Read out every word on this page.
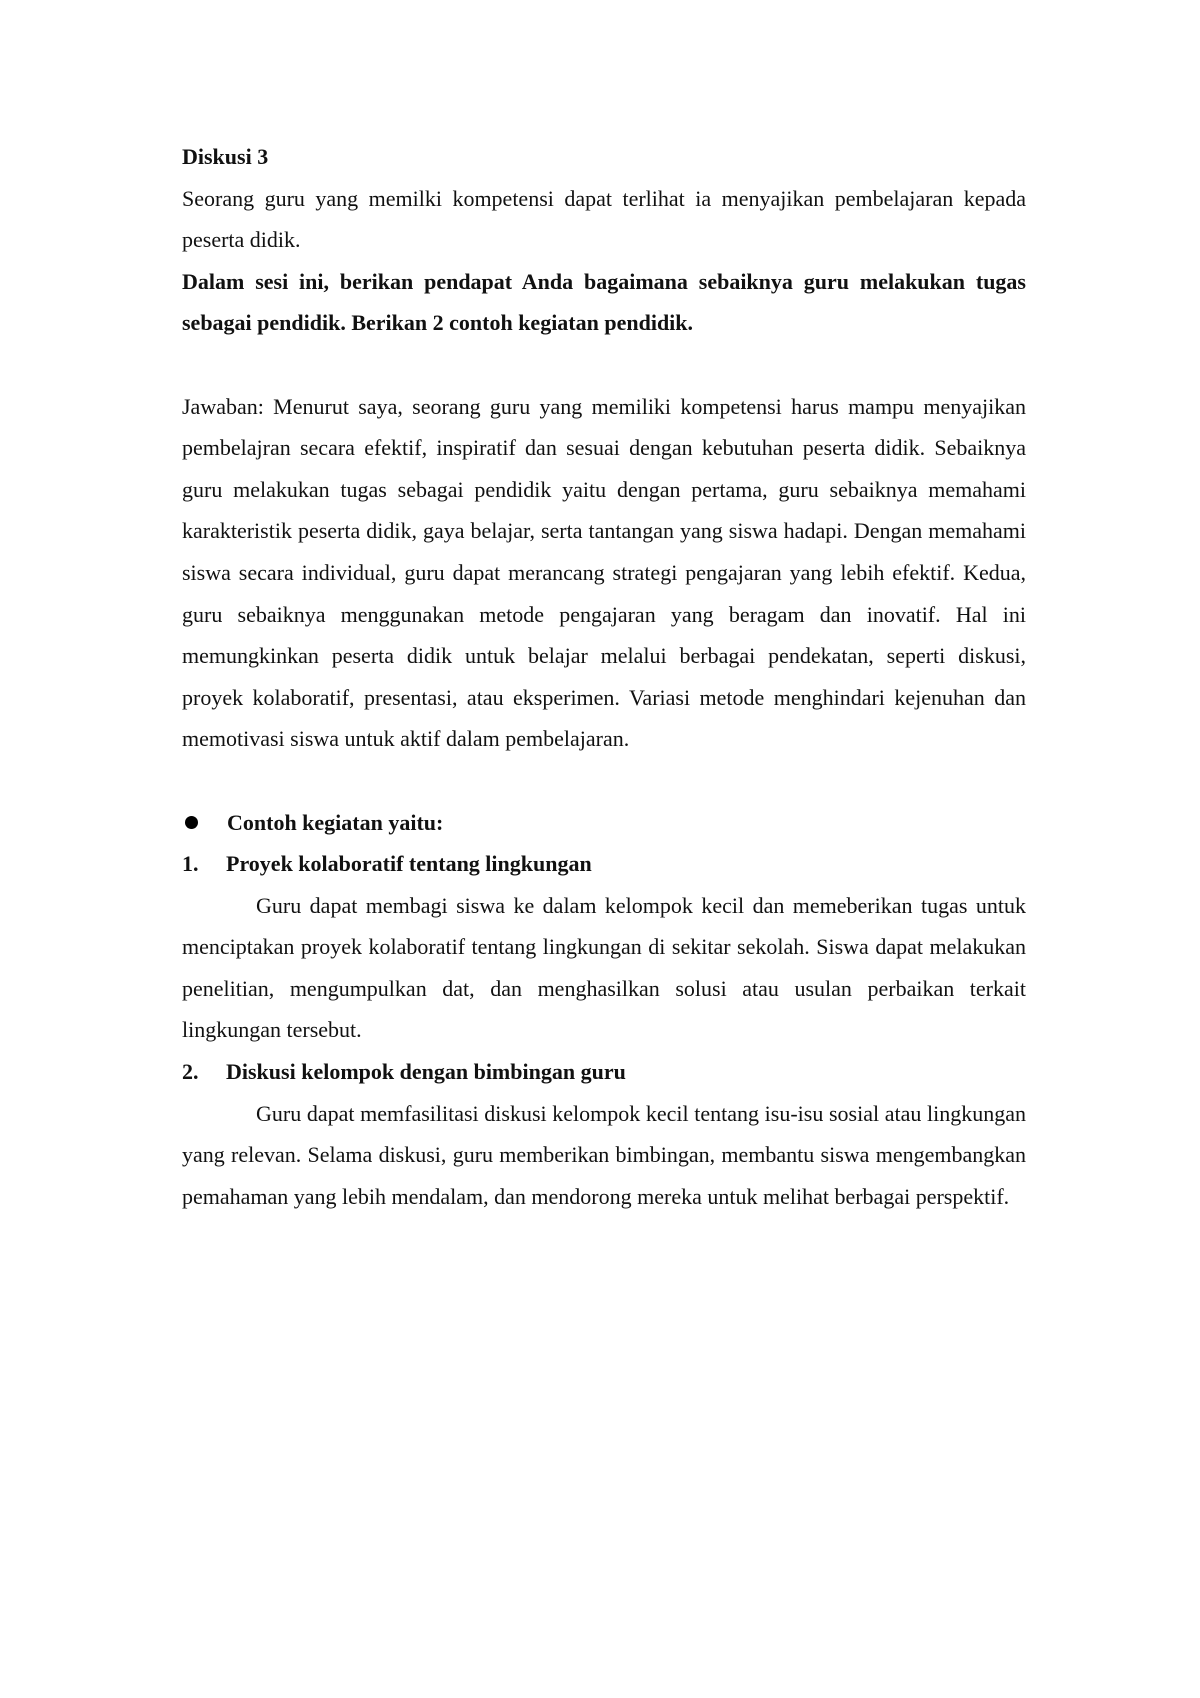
Diskusi 3

Seorang guru yang memilki kompetensi dapat terlihat ia menyajikan pembelajaran kepada peserta didik.

Dalam sesi ini, berikan pendapat Anda bagaimana sebaiknya guru melakukan tugas sebagai pendidik. Berikan 2 contoh kegiatan pendidik.

Jawaban: Menurut saya, seorang guru yang memiliki kompetensi harus mampu menyajikan pembelajran secara efektif, inspiratif dan sesuai dengan kebutuhan peserta didik. Sebaiknya guru melakukan tugas sebagai pendidik yaitu dengan pertama, guru sebaiknya memahami karakteristik peserta didik, gaya belajar, serta tantangan yang siswa hadapi. Dengan memahami siswa secara individual, guru dapat merancang strategi pengajaran yang lebih efektif. Kedua, guru sebaiknya menggunakan metode pengajaran yang beragam dan inovatif. Hal ini memungkinkan peserta didik untuk belajar melalui berbagai pendekatan, seperti diskusi, proyek kolaboratif, presentasi, atau eksperimen. Variasi metode menghindari kejenuhan dan memotivasi siswa untuk aktif dalam pembelajaran.

Contoh kegiatan yaitu:
1.	Proyek kolaboratif tentang lingkungan

Guru dapat membagi siswa ke dalam kelompok kecil dan memeberikan tugas untuk menciptakan proyek kolaboratif tentang lingkungan di sekitar sekolah. Siswa dapat melakukan penelitian, mengumpulkan dat, dan menghasilkan solusi atau usulan perbaikan terkait lingkungan tersebut.

2.	Diskusi kelompok dengan bimbingan guru

Guru dapat memfasilitasi diskusi kelompok kecil tentang isu-isu sosial atau lingkungan yang relevan. Selama diskusi, guru memberikan bimbingan, membantu siswa mengembangkan pemahaman yang lebih mendalam, dan mendorong mereka untuk melihat berbagai perspektif.
